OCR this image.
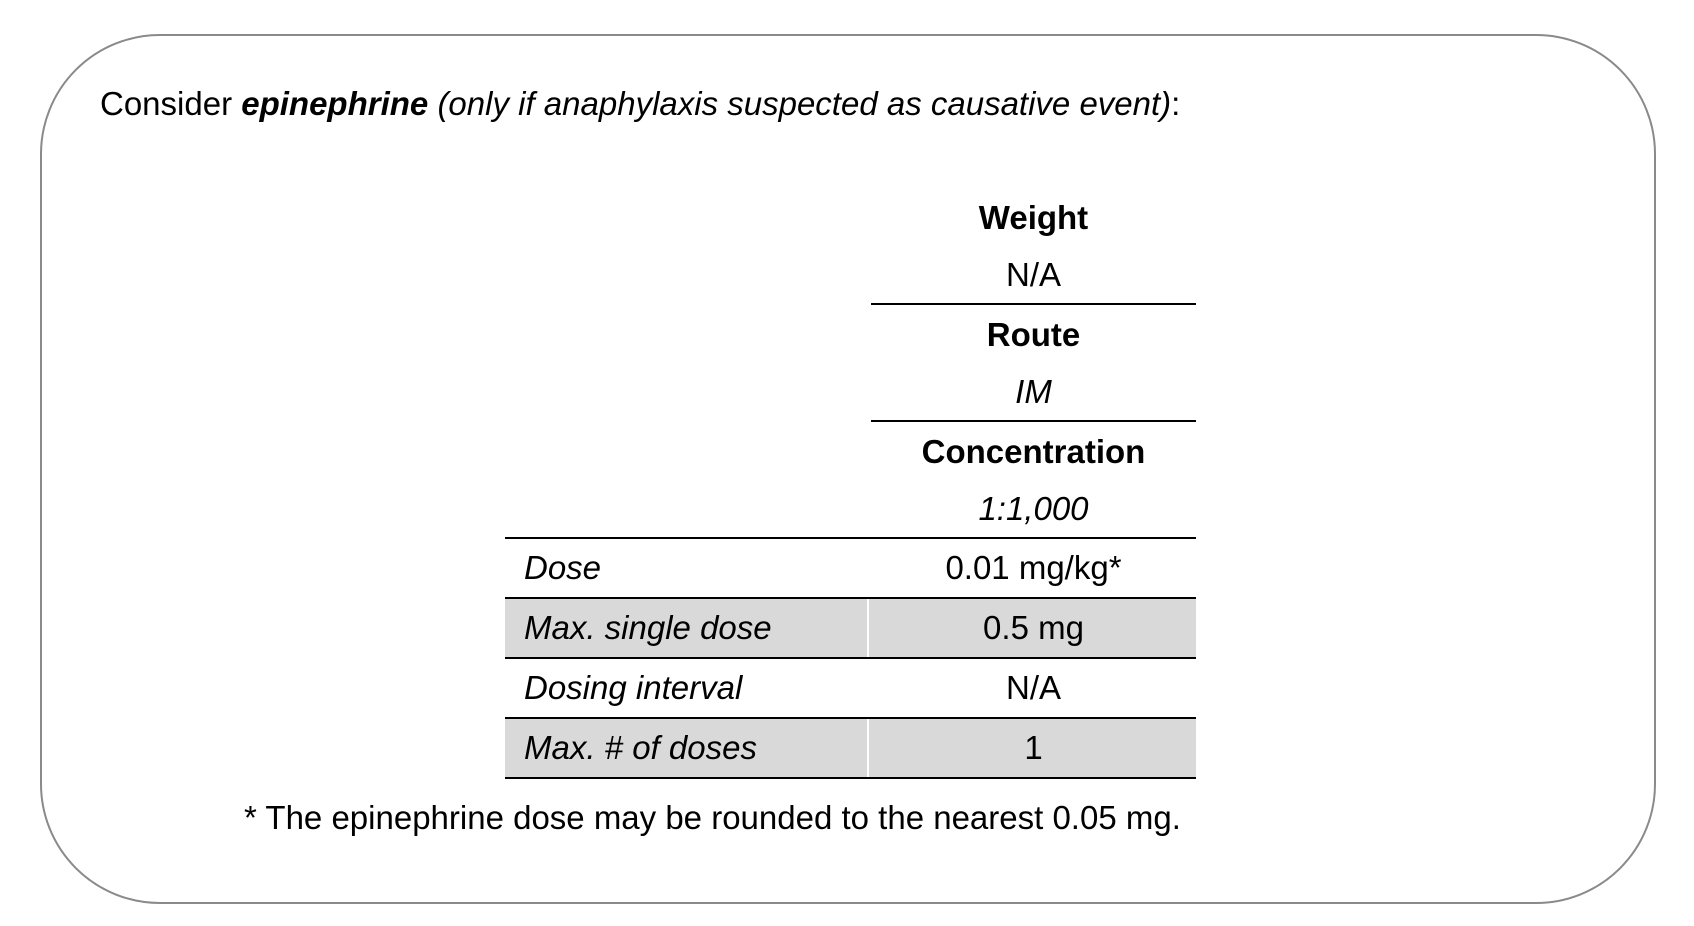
Consider epinephrine (only if anaphylaxis suspected as causative event):
Weight
N/A
Route
IM
Concentration
1:1,000
Dose	0.01 mg/kg*
Max. single dose	0.5 mg
Dosing interval	N/A
Max. # of doses	1
* The epinephrine dose may be rounded to the nearest 0.05 mg.
